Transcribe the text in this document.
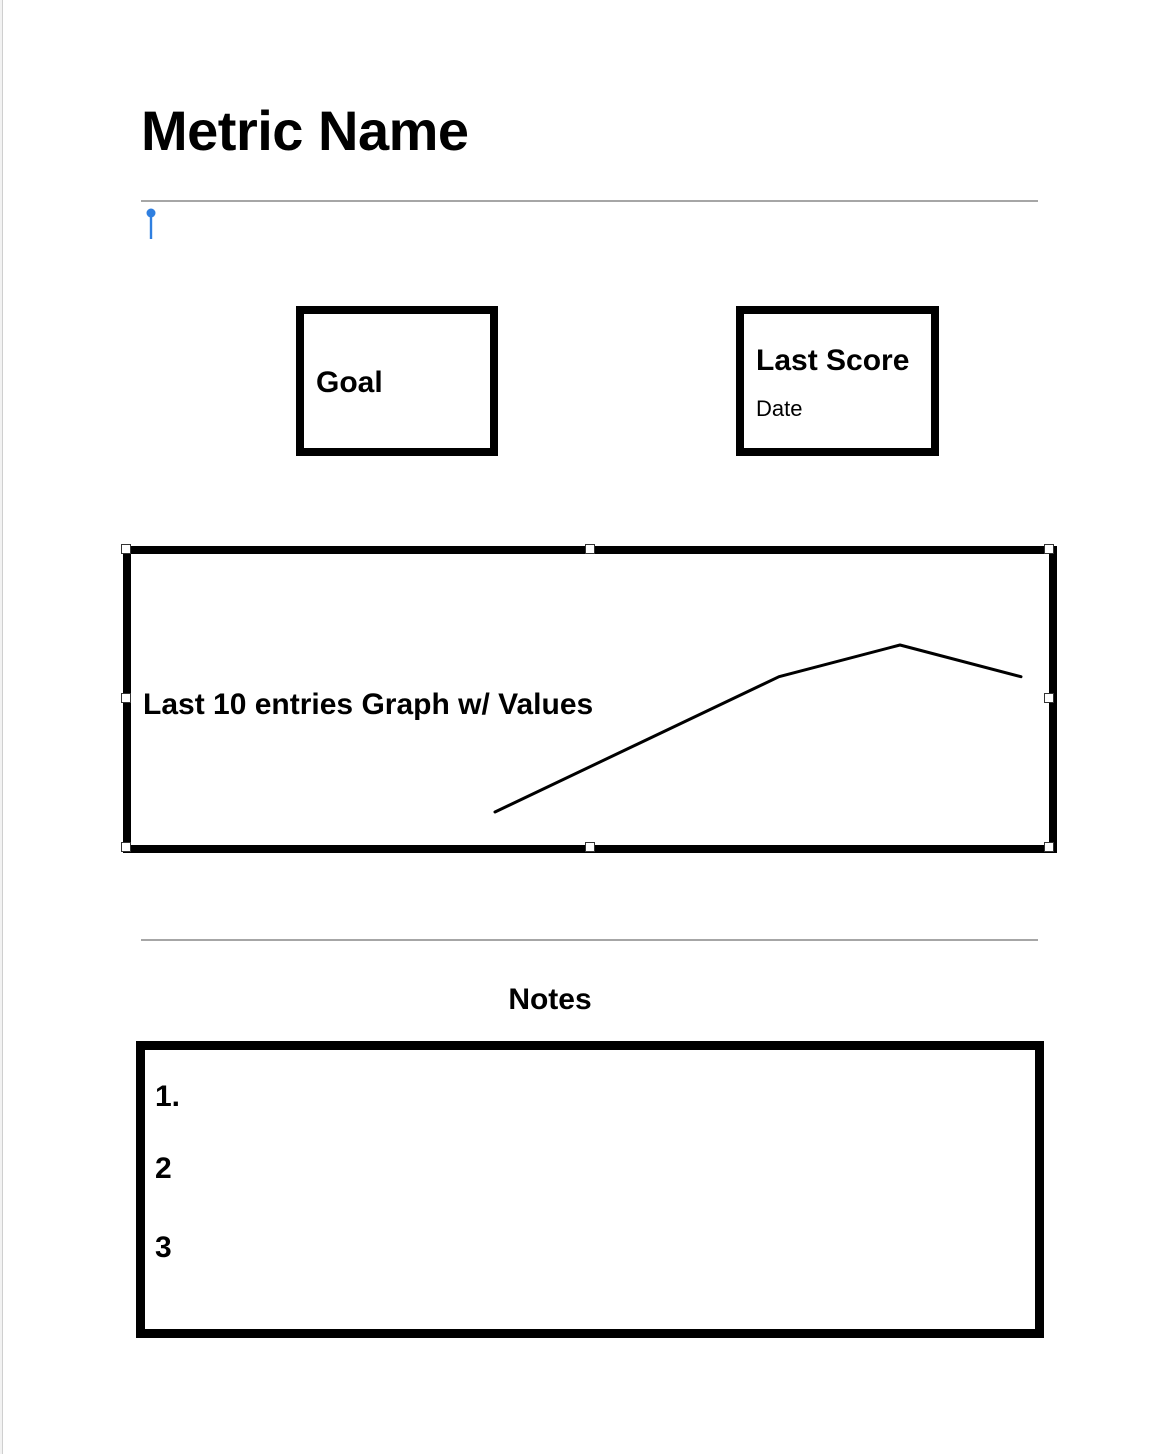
Metric Name
Goal
Last Score
Date
Last 10 entries Graph w/ Values
Notes
1.
2
3
